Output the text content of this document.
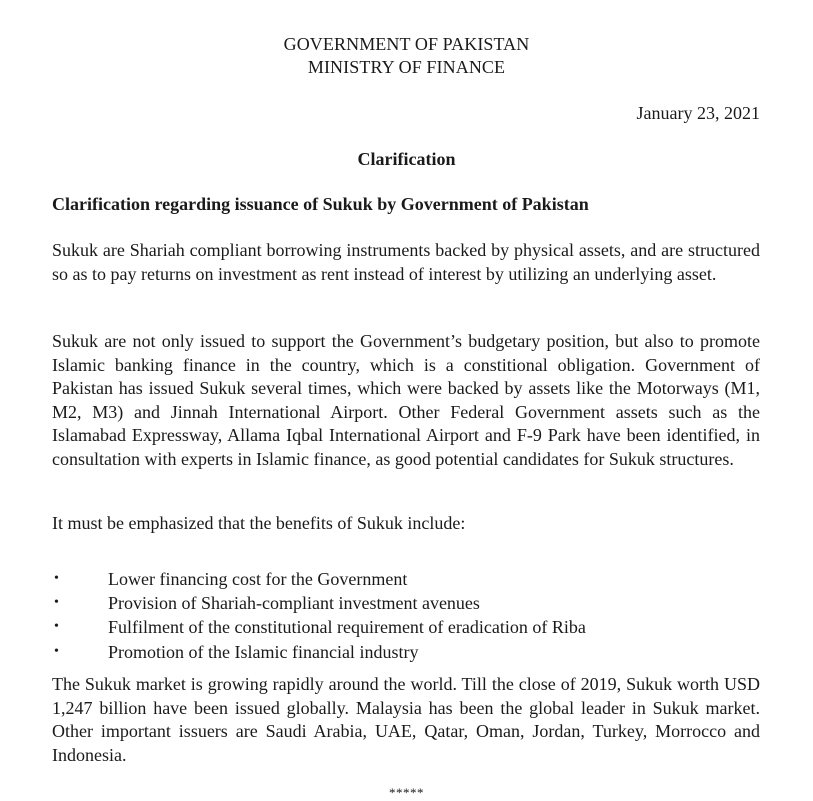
GOVERNMENT OF PAKISTAN
MINISTRY OF FINANCE
January 23, 2021
Clarification
Clarification regarding issuance of Sukuk by Government of Pakistan

Sukuk are Shariah compliant borrowing instruments backed by physical assets, and are structured so as to pay returns on investment as rent instead of interest by utilizing an underlying asset.

Sukuk are not only issued to support the Government’s budgetary position, but also to promote Islamic banking finance in the country, which is a constitional obligation. Government of Pakistan has issued Sukuk several times, which were backed by assets like the Motorways (M1, M2, M3) and Jinnah International Airport. Other Federal Government assets such as the Islamabad Expressway, Allama Iqbal International Airport and F-9 Park have been identified, in consultation with experts in Islamic finance, as good potential candidates for Sukuk structures.

It must be emphasized that the benefits of Sukuk include:

•	Lower financing cost for the Government
•	Provision of Shariah-compliant investment avenues
•	Fulfilment of the constitutional requirement of eradication of Riba
•	Promotion of the Islamic financial industry

The Sukuk market is growing rapidly around the world. Till the close of 2019, Sukuk worth USD 1,247 billion have been issued globally. Malaysia has been the global leader in Sukuk market. Other important issuers are Saudi Arabia, UAE, Qatar, Oman, Jordan, Turkey, Morrocco and Indonesia.

*****
